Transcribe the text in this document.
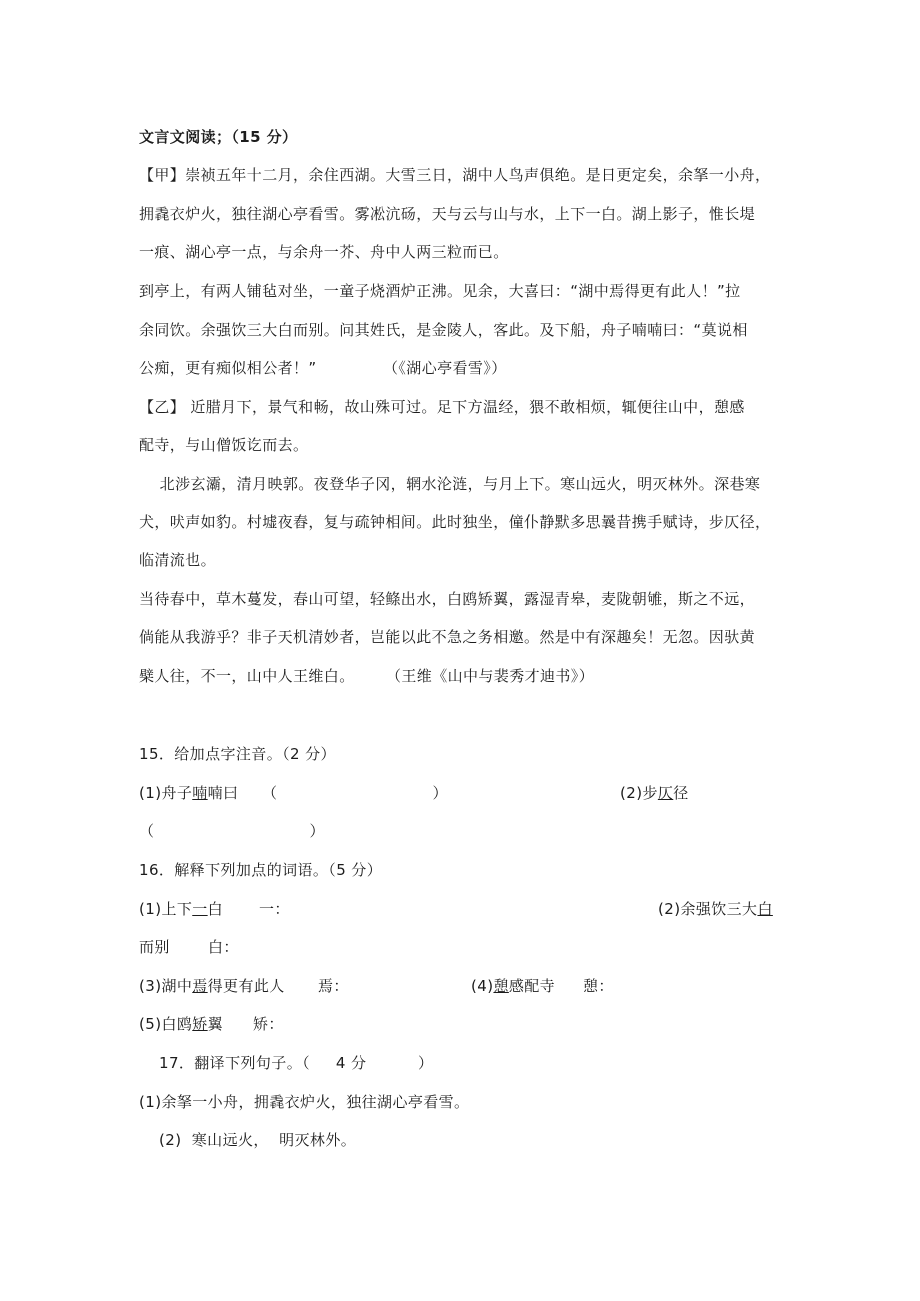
文言文阅读；（15 分）
【甲】崇祯五年十二月，余住西湖。大雪三日，湖中人鸟声俱绝。是日更定矣，余拏一小舟，
拥毳衣炉火，独往湖心亭看雪。雾凇沆砀，天与云与山与水，上下一白。湖上影子，惟长堤
一痕、湖心亭一点，与余舟一芥、舟中人两三粒而已。
到亭上，有两人铺毡对坐，一童子烧酒炉正沸。见余，大喜曰：“湖中焉得更有此人！”拉
余同饮。余强饮三大白而别。问其姓氏，是金陵人，客此。及下船，舟子喃喃曰：“莫说相
公痴，更有痴似相公者！”	（《湖心亭看雪》）
【乙】 近腊月下，景气和畅，故山殊可过。足下方温经，猥不敢相烦，辄便往山中，憩感
配寺，与山僧饭讫而去。
北涉玄灞，清月映郭。夜登华子冈，辋水沦涟，与月上下。寒山远火，明灭林外。深巷寒
犬，吠声如豹。村墟夜舂，复与疏钟相间。此时独坐，僮仆静默多思曩昔携手赋诗，步仄径，
临清流也。
当待春中，草木蔓发，春山可望，轻鲦出水，白鸥矫翼，露湿青皋，麦陇朝雊，斯之不远，
倘能从我游乎？非子天机清妙者，岂能以此不急之务相邀。然是中有深趣矣！无忽。因驮黄
檗人往，不一，山中人王维白。 （王维《山中与裴秀才迪书》）
15．给加点字注音。（2 分）
(1)舟子喃喃曰 （                              ）	(2)步仄径
（                              ）
16．解释下列加点的词语。（5 分）
(1)上下一白 一：	(2)余强饮三大白
而别	白：
(3)湖中焉得更有此人 焉：	(4)憩感配寺 憩：
(5)白鸥矫翼 矫：
17．翻译下列句子。（     4 分          ）
(1)余拏一小舟，拥毳衣炉火，独往湖心亭看雪。
(2)  寒山远火，  明灭林外。
